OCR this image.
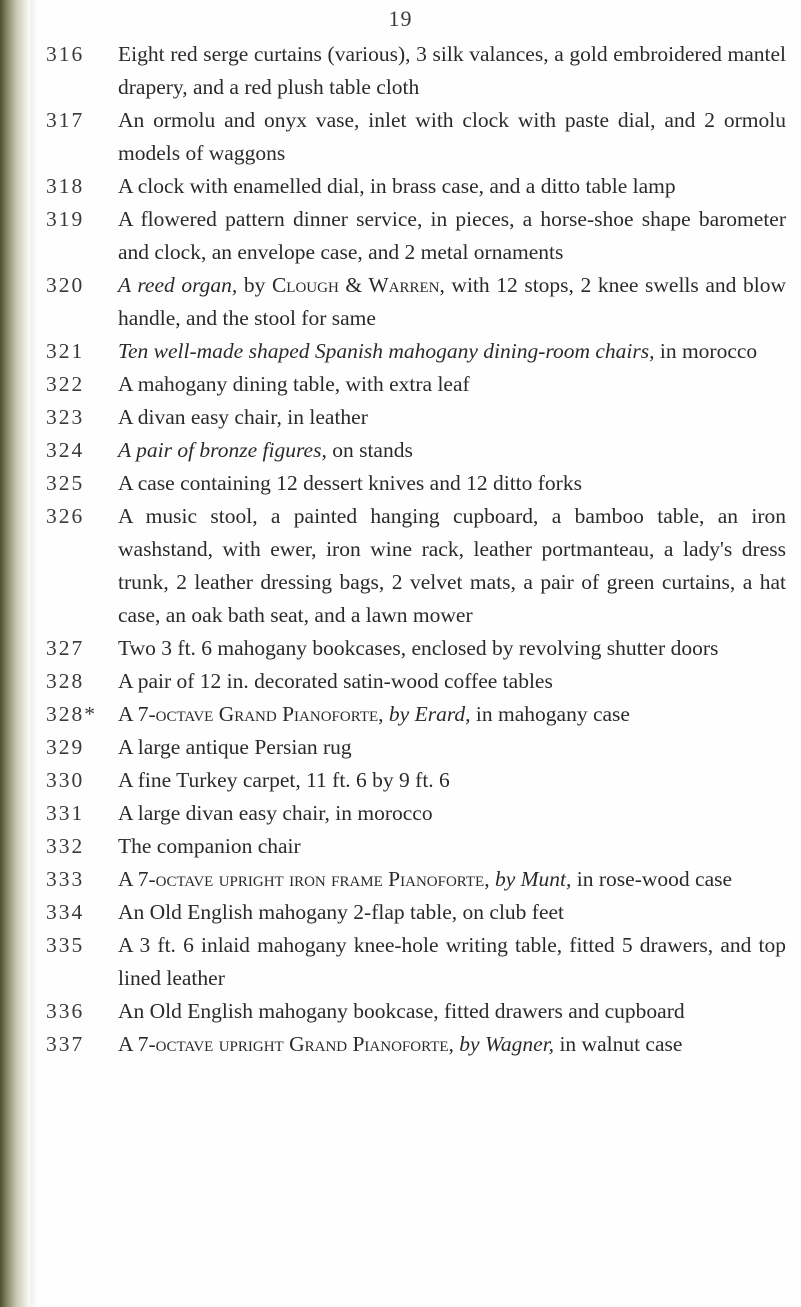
19
316	Eight red serge curtains (various), 3 silk valances, a gold embroidered mantel drapery, and a red plush table cloth
317	An ormolu and onyx vase, inlet with clock with paste dial, and 2 ormolu models of waggons
318	A clock with enamelled dial, in brass case, and a ditto table lamp
319	A flowered pattern dinner service, in pieces, a horse-shoe shape barometer and clock, an envelope case, and 2 metal ornaments
320	A reed organ, by Clough & Warren, with 12 stops, 2 knee swells and blow handle, and the stool for same
321	Ten well-made shaped Spanish mahogany dining-room chairs, in morocco
322	A mahogany dining table, with extra leaf
323	A divan easy chair, in leather
324	A pair of bronze figures, on stands
325	A case containing 12 dessert knives and 12 ditto forks
326	A music stool, a painted hanging cupboard, a bamboo table, an iron washstand, with ewer, iron wine rack, leather portmanteau, a lady's dress trunk, 2 leather dressing bags, 2 velvet mats, a pair of green curtains, a hat case, an oak bath seat, and a lawn mower
327	Two 3 ft. 6 mahogany bookcases, enclosed by revolving shutter doors
328	A pair of 12 in. decorated satin-wood coffee tables
328* A 7-octave Grand Pianoforte, by Erard, in mahogany case
329	A large antique Persian rug
330	A fine Turkey carpet, 11 ft. 6 by 9 ft. 6
331	A large divan easy chair, in morocco
332	The companion chair
333	A 7-octave upright iron frame Pianoforte, by Munt, in rose-wood case
334	An Old English mahogany 2-flap table, on club feet
335	A 3 ft. 6 inlaid mahogany knee-hole writing table, fitted 5 drawers, and top lined leather
336	An Old English mahogany bookcase, fitted drawers and cupboard
337	A 7-octave upright Grand Pianoforte, by Wagner, in walnut case
